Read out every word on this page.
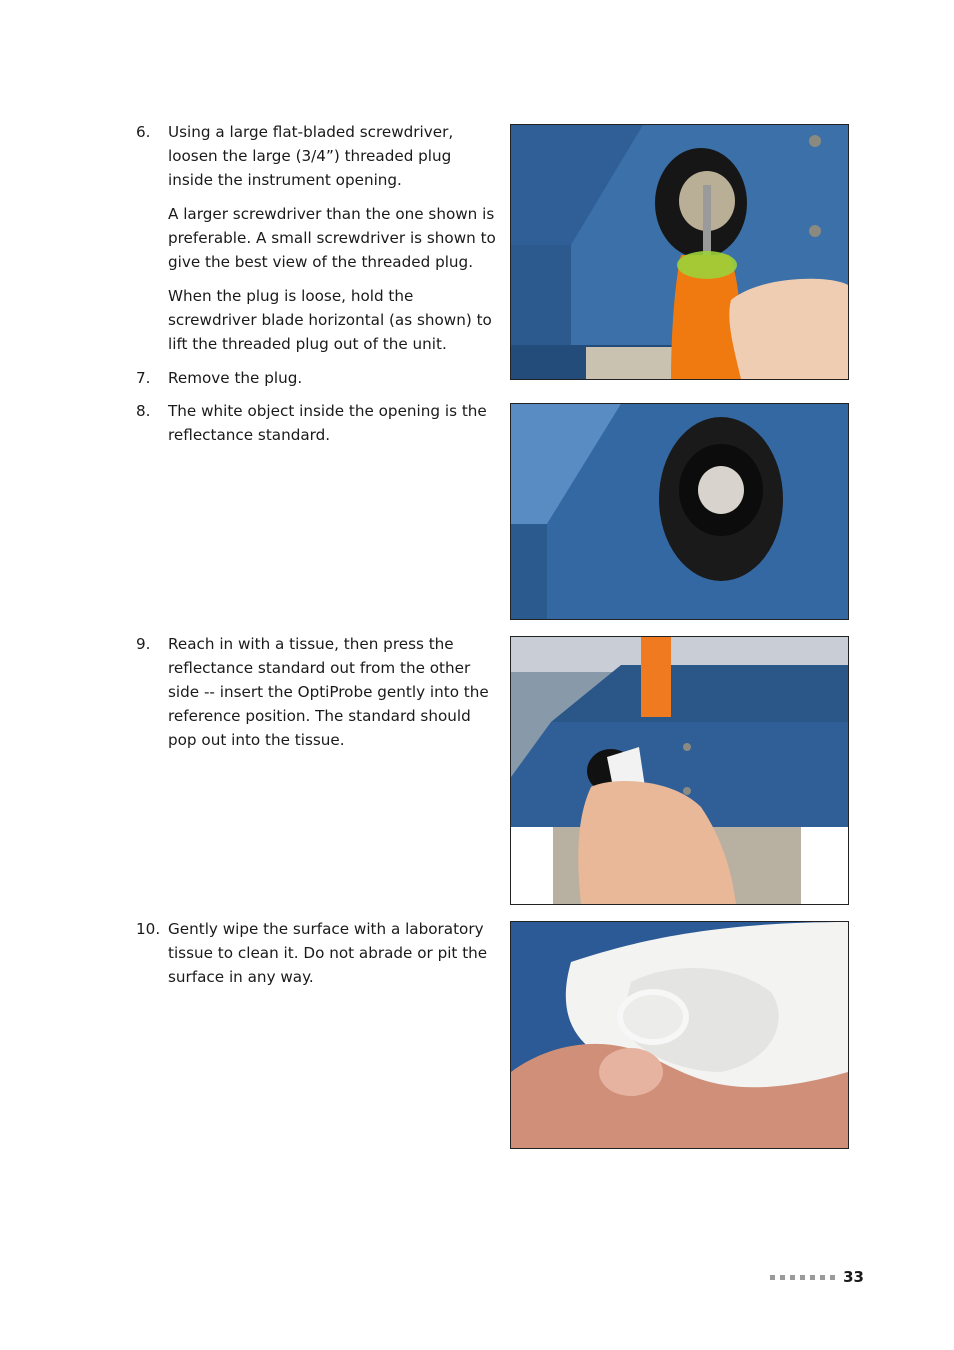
6. Using a large flat-bladed screwdriver, loosen the large (3/4”) threaded plug inside the instrument opening.

A larger screwdriver than the one shown is preferable. A small screwdriver is shown to give the best view of the threaded plug.

When the plug is loose, hold the screwdriver blade horizontal (as shown) to lift the threaded plug out of the unit.

7. Remove the plug.

8. The white object inside the opening is the reflectance standard.

9. Reach in with a tissue, then press the reflectance standard out from the other side -- insert the OptiProbe gently into the reference position. The standard should pop out into the tissue.

10. Gently wipe the surface with a laboratory tissue to clean it. Do not abrade or pit the surface in any way.

33
